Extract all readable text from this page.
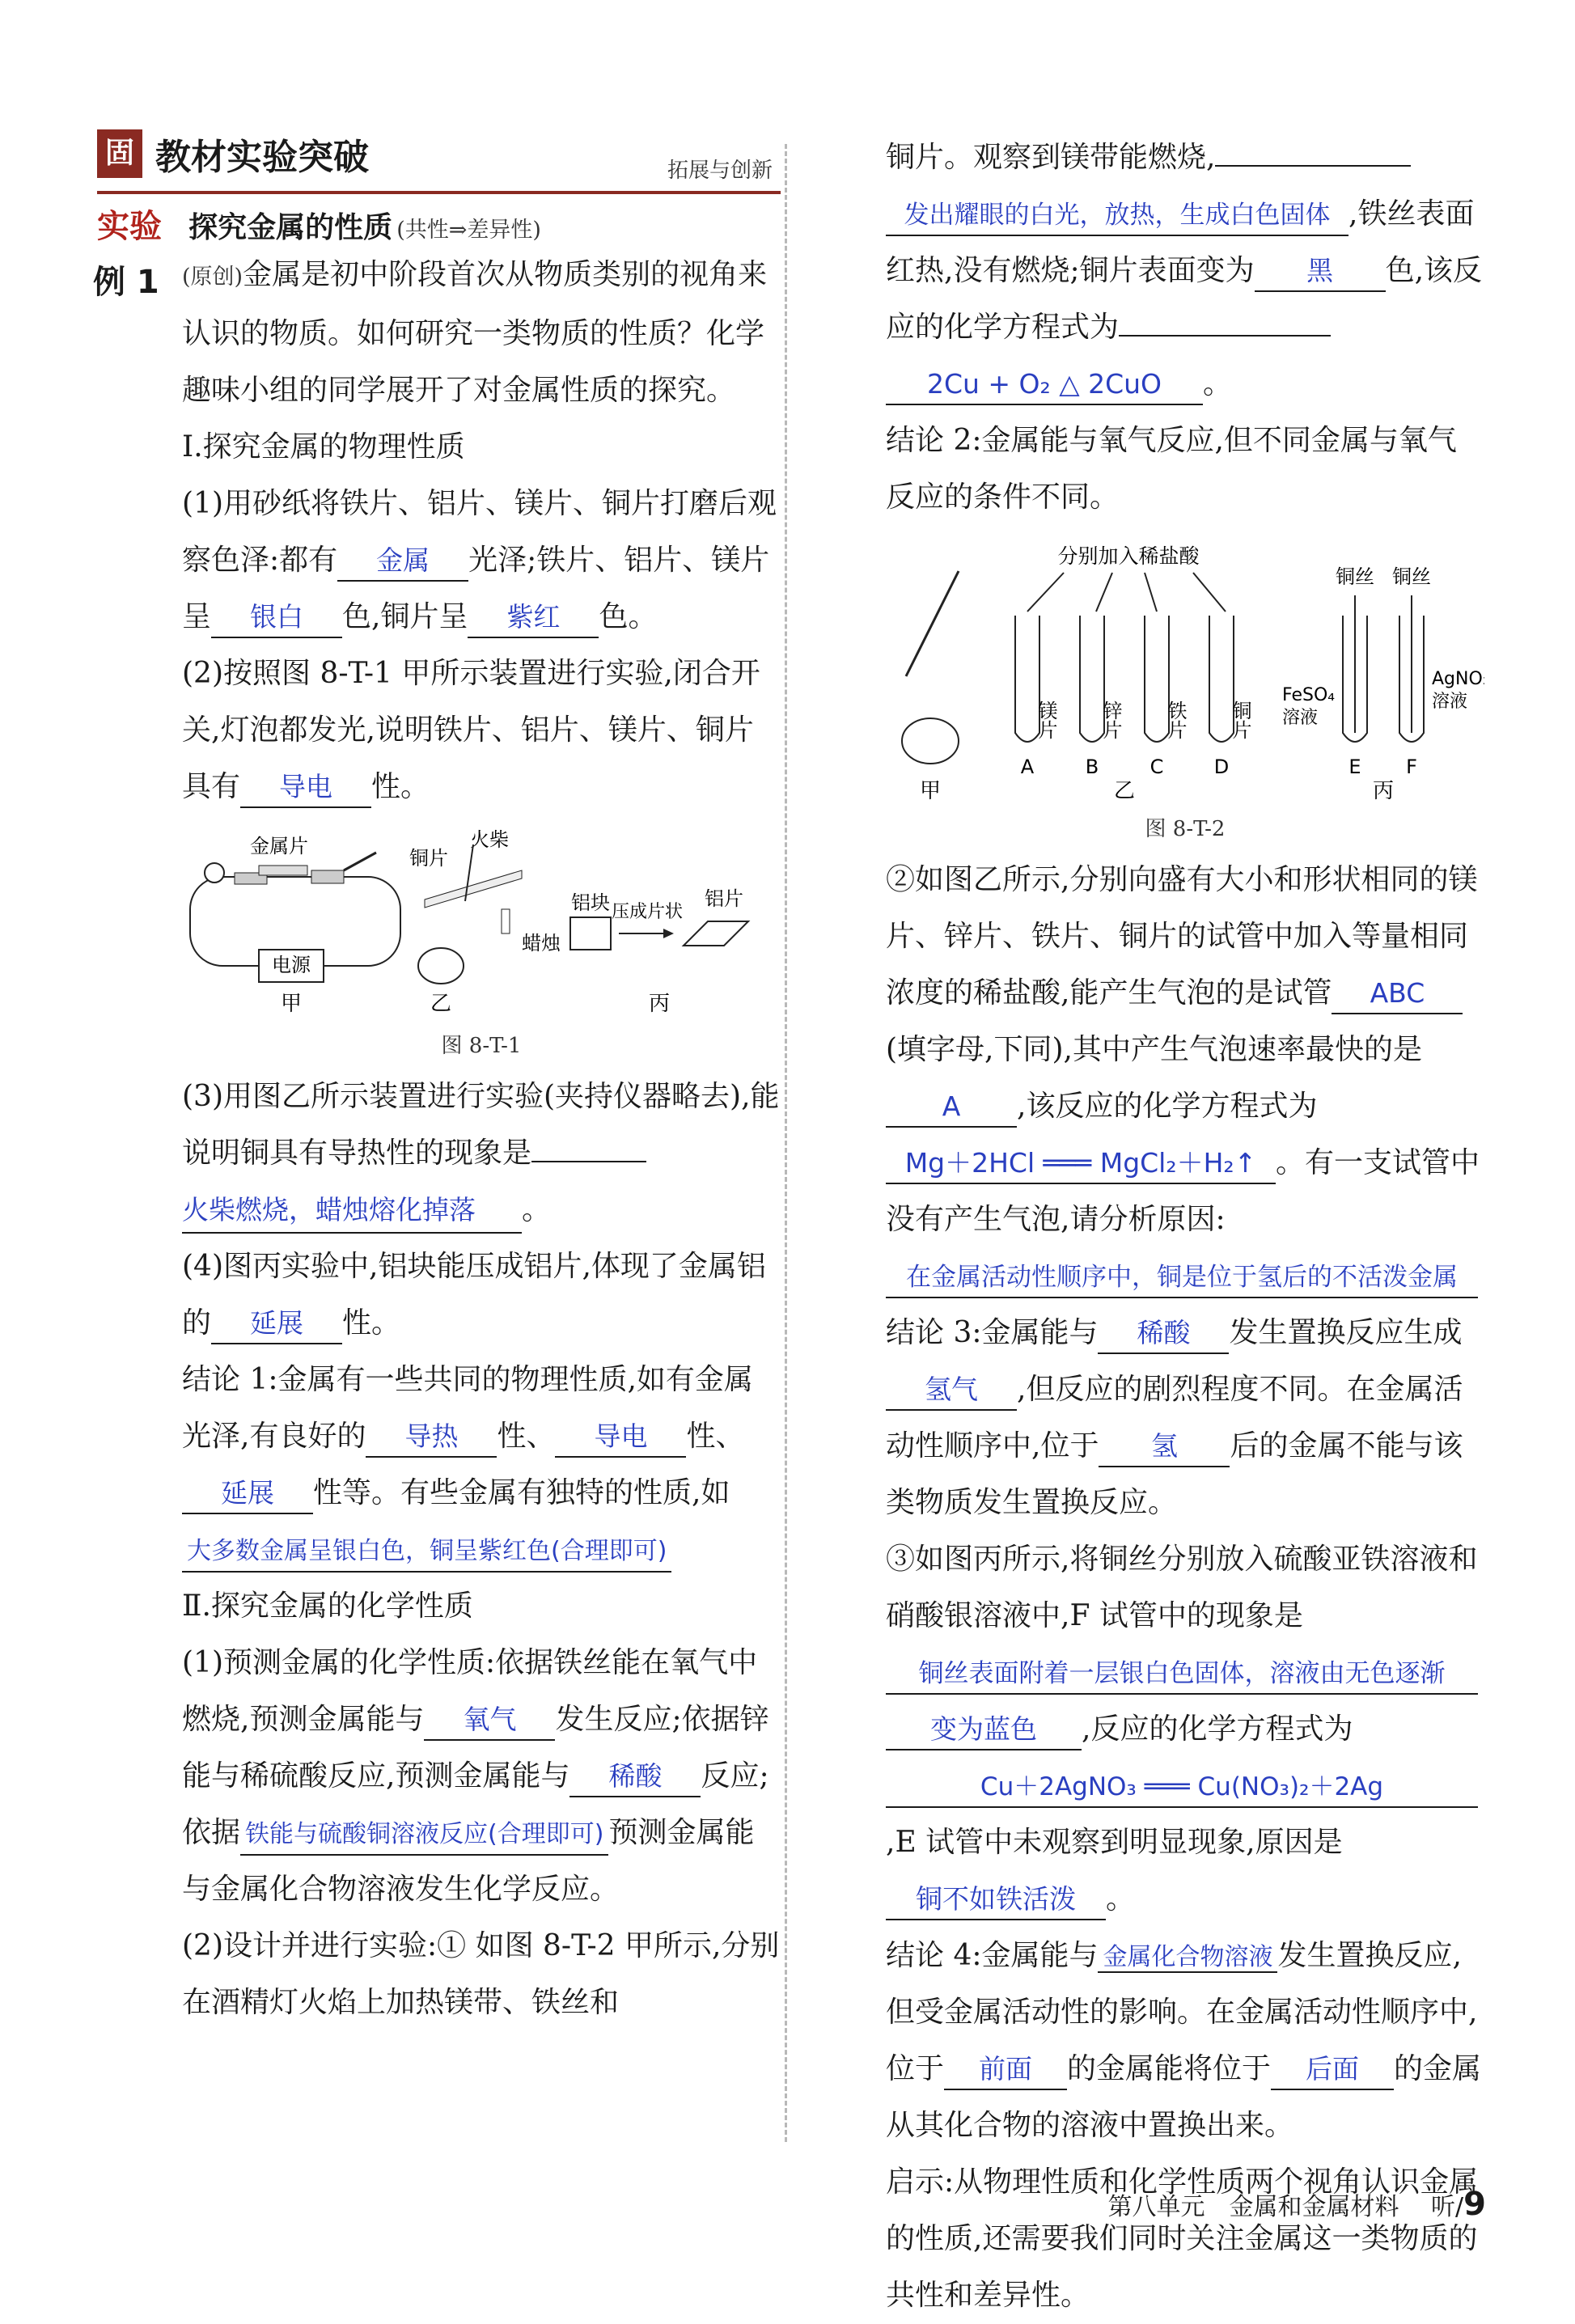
固 教材实验突破	拓展与创新
实验 探究金属的性质 (共性⇒差异性)
例 1	(原创)金属是初中阶段首次从物质类别的视角来认识的物质。如何研究一类物质的性质？化学趣味小组的同学展开了对金属性质的探究。

Ⅰ.探究金属的物理性质

(1)用砂纸将铁片、铝片、镁片、铜片打磨后观察色泽:都有 金属 光泽;铁片、铝片、镁片呈 银白 色,铜片呈 紫红 色。

(2)按照图 8-T-1 甲所示装置进行实验,闭合开关,灯泡都发光,说明铁片、铝片、镁片、铜片具有 导电 性。

电源
金属片
甲
铜片
火柴
蜡烛
乙
铝块 压成片状
铝片
丙
图 8-T-1

(3)用图乙所示装置进行实验(夹持仪器略去),能说明铜具有导热性的现象是 火柴燃烧，蜡烛熔化掉落 。

(4)图丙实验中,铝块能压成铝片,体现了金属铝的 延展 性。

结论 1:金属有一些共同的物理性质,如有金属光泽,有良好的 导热 性、 导电 性、延展 性等。有些金属有独特的性质,如大多数金属呈银白色，铜呈紫红色(合理即可)

Ⅱ.探究金属的化学性质

(1)预测金属的化学性质:依据铁丝能在氧气中燃烧,预测金属能与 氧气 发生反应;依据锌能与稀硫酸反应,预测金属能与 稀酸 反应;依据 铁能与硫酸铜溶液反应(合理即可) 预测金属能与金属化合物溶液发生化学反应。

(2)设计并进行实验:① 如图 8-T-2 甲所示,分别在酒精灯火焰上加热镁带、铁丝和

铜片。观察到镁带能燃烧, 发出耀眼的白光，放热，生成白色固体 ,铁丝表面红热,没有燃烧;铜片表面变为 黑 色,该反应的化学方程式为 2Cu + O₂ △ 2CuO 。

结论 2:金属能与氧气反应,但不同金属与氧气反应的条件不同。

甲
分别加入稀盐酸
镁片 锌片 铁片 铜片
A	B	C	D
乙
铜丝 铜丝
FeSO₄
溶液
AgNO₃
溶液
E F
丙
图 8-T-2

②如图乙所示,分别向盛有大小和形状相同的镁片、锌片、铁片、铜片的试管中加入等量相同浓度的稀盐酸,能产生气泡的是试管 ABC(填字母,下同),其中产生气泡速率最快的是A ,该反应的化学方程式为Mg＋2HCl ═══ MgCl₂＋H₂↑ 。有一支试管中没有产生气泡,请分析原因:在金属活动性顺序中，铜是位于氢后的不活泼金属

结论 3:金属能与 稀酸 发生置换反应生成氢气 ,但反应的剧烈程度不同。在金属活动性顺序中,位于 氢 后的金属不能与该类物质发生置换反应。

③如图丙所示,将铜丝分别放入硫酸亚铁溶液和硝酸银溶液中,F 试管中的现象是铜丝表面附着一层银白色固体，溶液由无色逐渐变为蓝色 ,反应的化学方程式为Cu＋2AgNO₃ ═══ Cu(NO₃)₂＋2Ag,E 试管中未观察到明显现象,原因是铜不如铁活泼 。

结论 4:金属能与 金属化合物溶液 发生置换反应,但受金属活动性的影响。在金属活动性顺序中,位于 前面 的金属能将位于 后面 的金属从其化合物的溶液中置换出来。

启示:从物理性质和化学性质两个视角认识金属的性质,还需要我们同时关注金属这一类物质的共性和差异性。

第八单元　金属和金属材料　 听/9
